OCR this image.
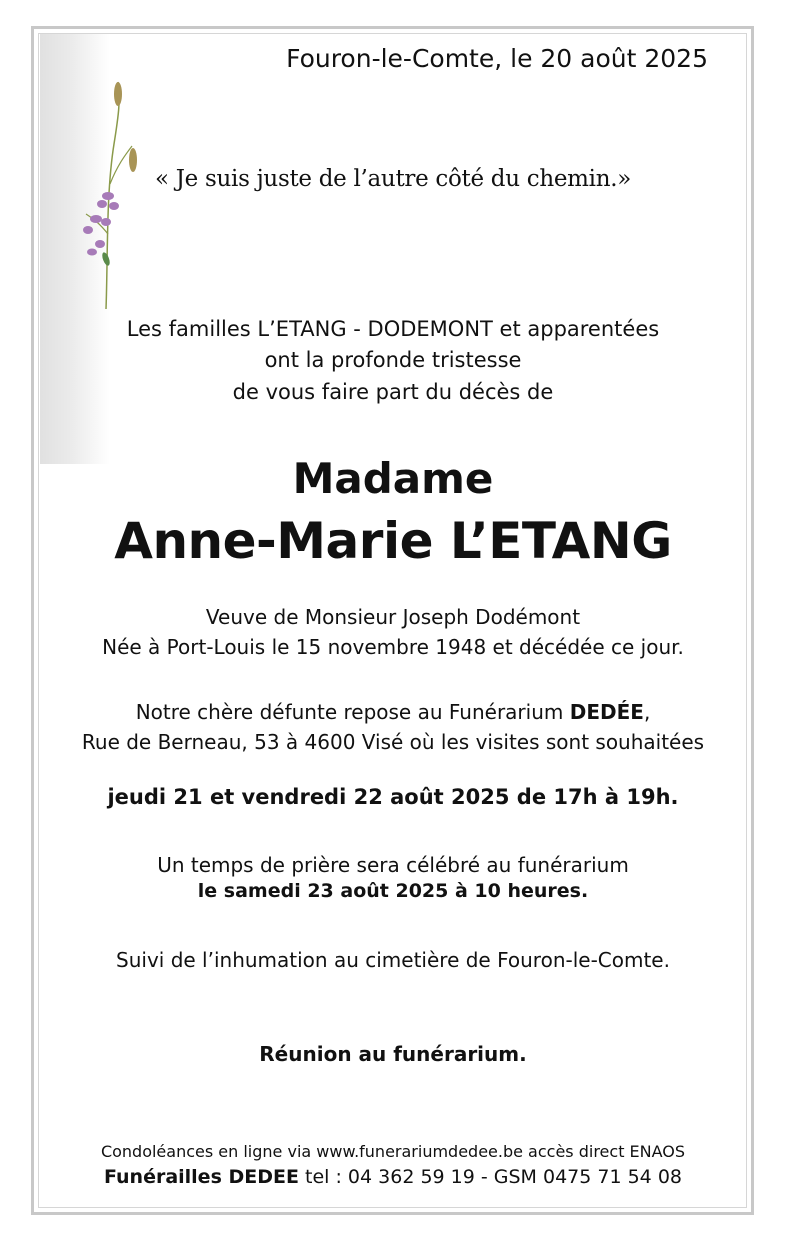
Fouron-le-Comte, le 20 août 2025
« Je suis juste de l’autre côté du chemin.»
Les familles L’ETANG - DODEMONT et apparentées
ont la profonde tristesse
de vous faire part du décès de
Madame
Anne-Marie L’ETANG
Veuve de Monsieur Joseph Dodémont
Née à Port-Louis le 15 novembre 1948 et décédée ce jour.
Notre chère défunte repose au Funérarium DEDÉE,
Rue de Berneau, 53 à 4600 Visé où les visites sont souhaitées
jeudi 21 et vendredi 22 août 2025 de 17h à 19h.
Un temps de prière sera célébré au funérarium
le samedi 23 août 2025 à 10 heures.
Suivi de l’inhumation au cimetière de Fouron-le-Comte.
Réunion au funérarium.
Condoléances en ligne via www.funerariumdedee.be accès direct ENAOS
Funérailles DEDEE tel : 04 362 59 19 - GSM 0475 71 54 08
